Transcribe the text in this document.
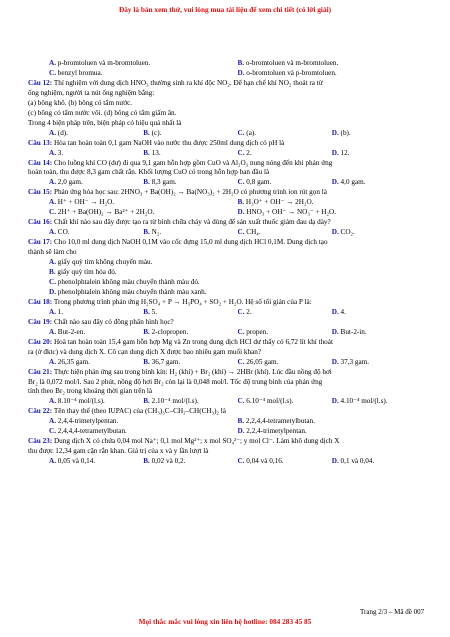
Đây là bản xem thử, vui lòng mua tài liệu để xem chi tiết (có lời giải)
A. p-bromtoluen và m-bromtoluen.	B. o-bromtoluen và m-bromtoluen.
C. benzyl bromua.	D. o-bromtoluen và p-bromtoluen.
Câu 12: Thí nghiệm với dung dịch HNO₃ thường sinh ra khí độc NO₂. Để hạn chế khí NO₂ thoát ra từ
ống nghiệm, người ta nút ống nghiệm bằng:
(a) bông khô. (b) bông có tẩm nước.
(c) bông có tẩm nước vôi. (d) bông có tẩm giấm ăn.
Trong 4 biện pháp trên, biện pháp có hiệu quả nhất là
A. (d).	B. (c).	C. (a).	D. (b).
Câu 13: Hòa tan hoàn toàn 0,1 gam NaOH vào nước thu được 250ml dung dịch có pH là
A. 3.	B. 13.	C. 2.	D. 12.
Câu 14: Cho luồng khí CO (dư) đi qua 9,1 gam hỗn hợp gồm CuO và Al₂O₃ nung nóng đến khi phản ứng
hoàn toàn, thu được 8,3 gam chất rắn. Khối lượng CuO có trong hỗn hợp ban đầu là
A. 2,0 gam.	B. 8,3 gam.	C. 0,8 gam.	D. 4,0 gam.
Câu 15: Phản ứng hóa học sau: 2HNO₃ + Ba(OH)₂ → Ba(NO₃)₂ + 2H₂O có phương trình ion rút gọn là
A. H⁺ + OH⁻ → H₂O.	B. H₃O⁺ + OH⁻ → 2H₂O.
C. 2H⁺ + Ba(OH)₂ → Ba²⁺ + 2H₂O.	D. HNO₃ + OH⁻ → NO₃⁻ + H₂O.
Câu 16: Chất khí nào sau đây được tạo ra từ bình chữa cháy và dùng để sản xuất thuốc giảm đau dạ dày?
A. CO.	B. N₂.	C. CH₄.	D. CO₂.
Câu 17: Cho 10,0 ml dung dịch NaOH 0,1M vào cốc đựng 15,0 ml dung dịch HCl 0,1M. Dung dịch tạo
thành sẽ làm cho
A. giấy quỳ tím không chuyển màu.
B. giấy quỳ tím hóa đỏ.
C. phenolphtalein không màu chuyển thành màu đỏ.
D. phenolphtalein không màu chuyển thành màu xanh.
Câu 18: Trong phương trình phản ứng H₂SO₄ + P → H₃PO₄ + SO₂ + H₂O. Hệ số tối giản của P là:
A. 1.	B. 5.	C. 2.	D. 4.
Câu 19: Chất nào sau đây có đồng phân hình học?
A. But-2-en.	B. 2-clopropen.	C. propen.	D. But-2-in.
Câu 20: Hoà tan hoàn toàn 15,4 gam hỗn hợp Mg và Zn trong dung dịch HCl dư thấy có 6,72 lít khí thoát
ra (ở đktc) và dung dịch X. Cô cạn dung dịch X được bao nhiêu gam muối khan?
A. 26,35 gam.	B. 36,7 gam.	C. 26,05 gam.	D. 37,3 gam.
Câu 21: Thực hiện phản ứng sau trong bình kín: H₂ (khí) + Br₂ (khí) → 2HBr (khí). Lúc đầu nồng độ hơi
Br₂ là 0,072 mol/l. Sau 2 phút, nồng độ hơi Br₂ còn lại là 0,048 mol/l. Tốc độ trung bình của phản ứng
tính theo Br₂ trong khoảng thời gian trên là
A. 8.10⁻⁴ mol/(l.s).	B. 2.10⁻⁴ mol/(l.s).	C. 6.10⁻⁴ mol/(l.s).	D. 4.10⁻⁴ mol/(l.s).
Câu 22: Tên thay thế (theo IUPAC) của (CH₃)₃C–CH₂–CH(CH₃)₂ là
A. 2,4,4-trimetylpentan.	B. 2,2,4,4-tetrametylbutan.
C. 2,4,4,4-tetrametylbutan.	D. 2,2,4-trimetylpentan.
Câu 23: Dung dịch X có chứa 0,04 mol Na⁺; 0,1 mol Mg²⁺; x mol SO₄²⁻; y mol Cl⁻. Làm khô dung dịch X
thu được 12,34 gam cặn rắn khan. Giá trị của x và y lần lượt là
A. 0,05 và 0,14.	B. 0,02 và 0,2.	C. 0,04 và 0,16.	D. 0,1 và 0,04.
Trang 2/3 – Mã đề 007
Mọi thắc mắc vui lòng xin liên hệ hotline: 084 283 45 85
